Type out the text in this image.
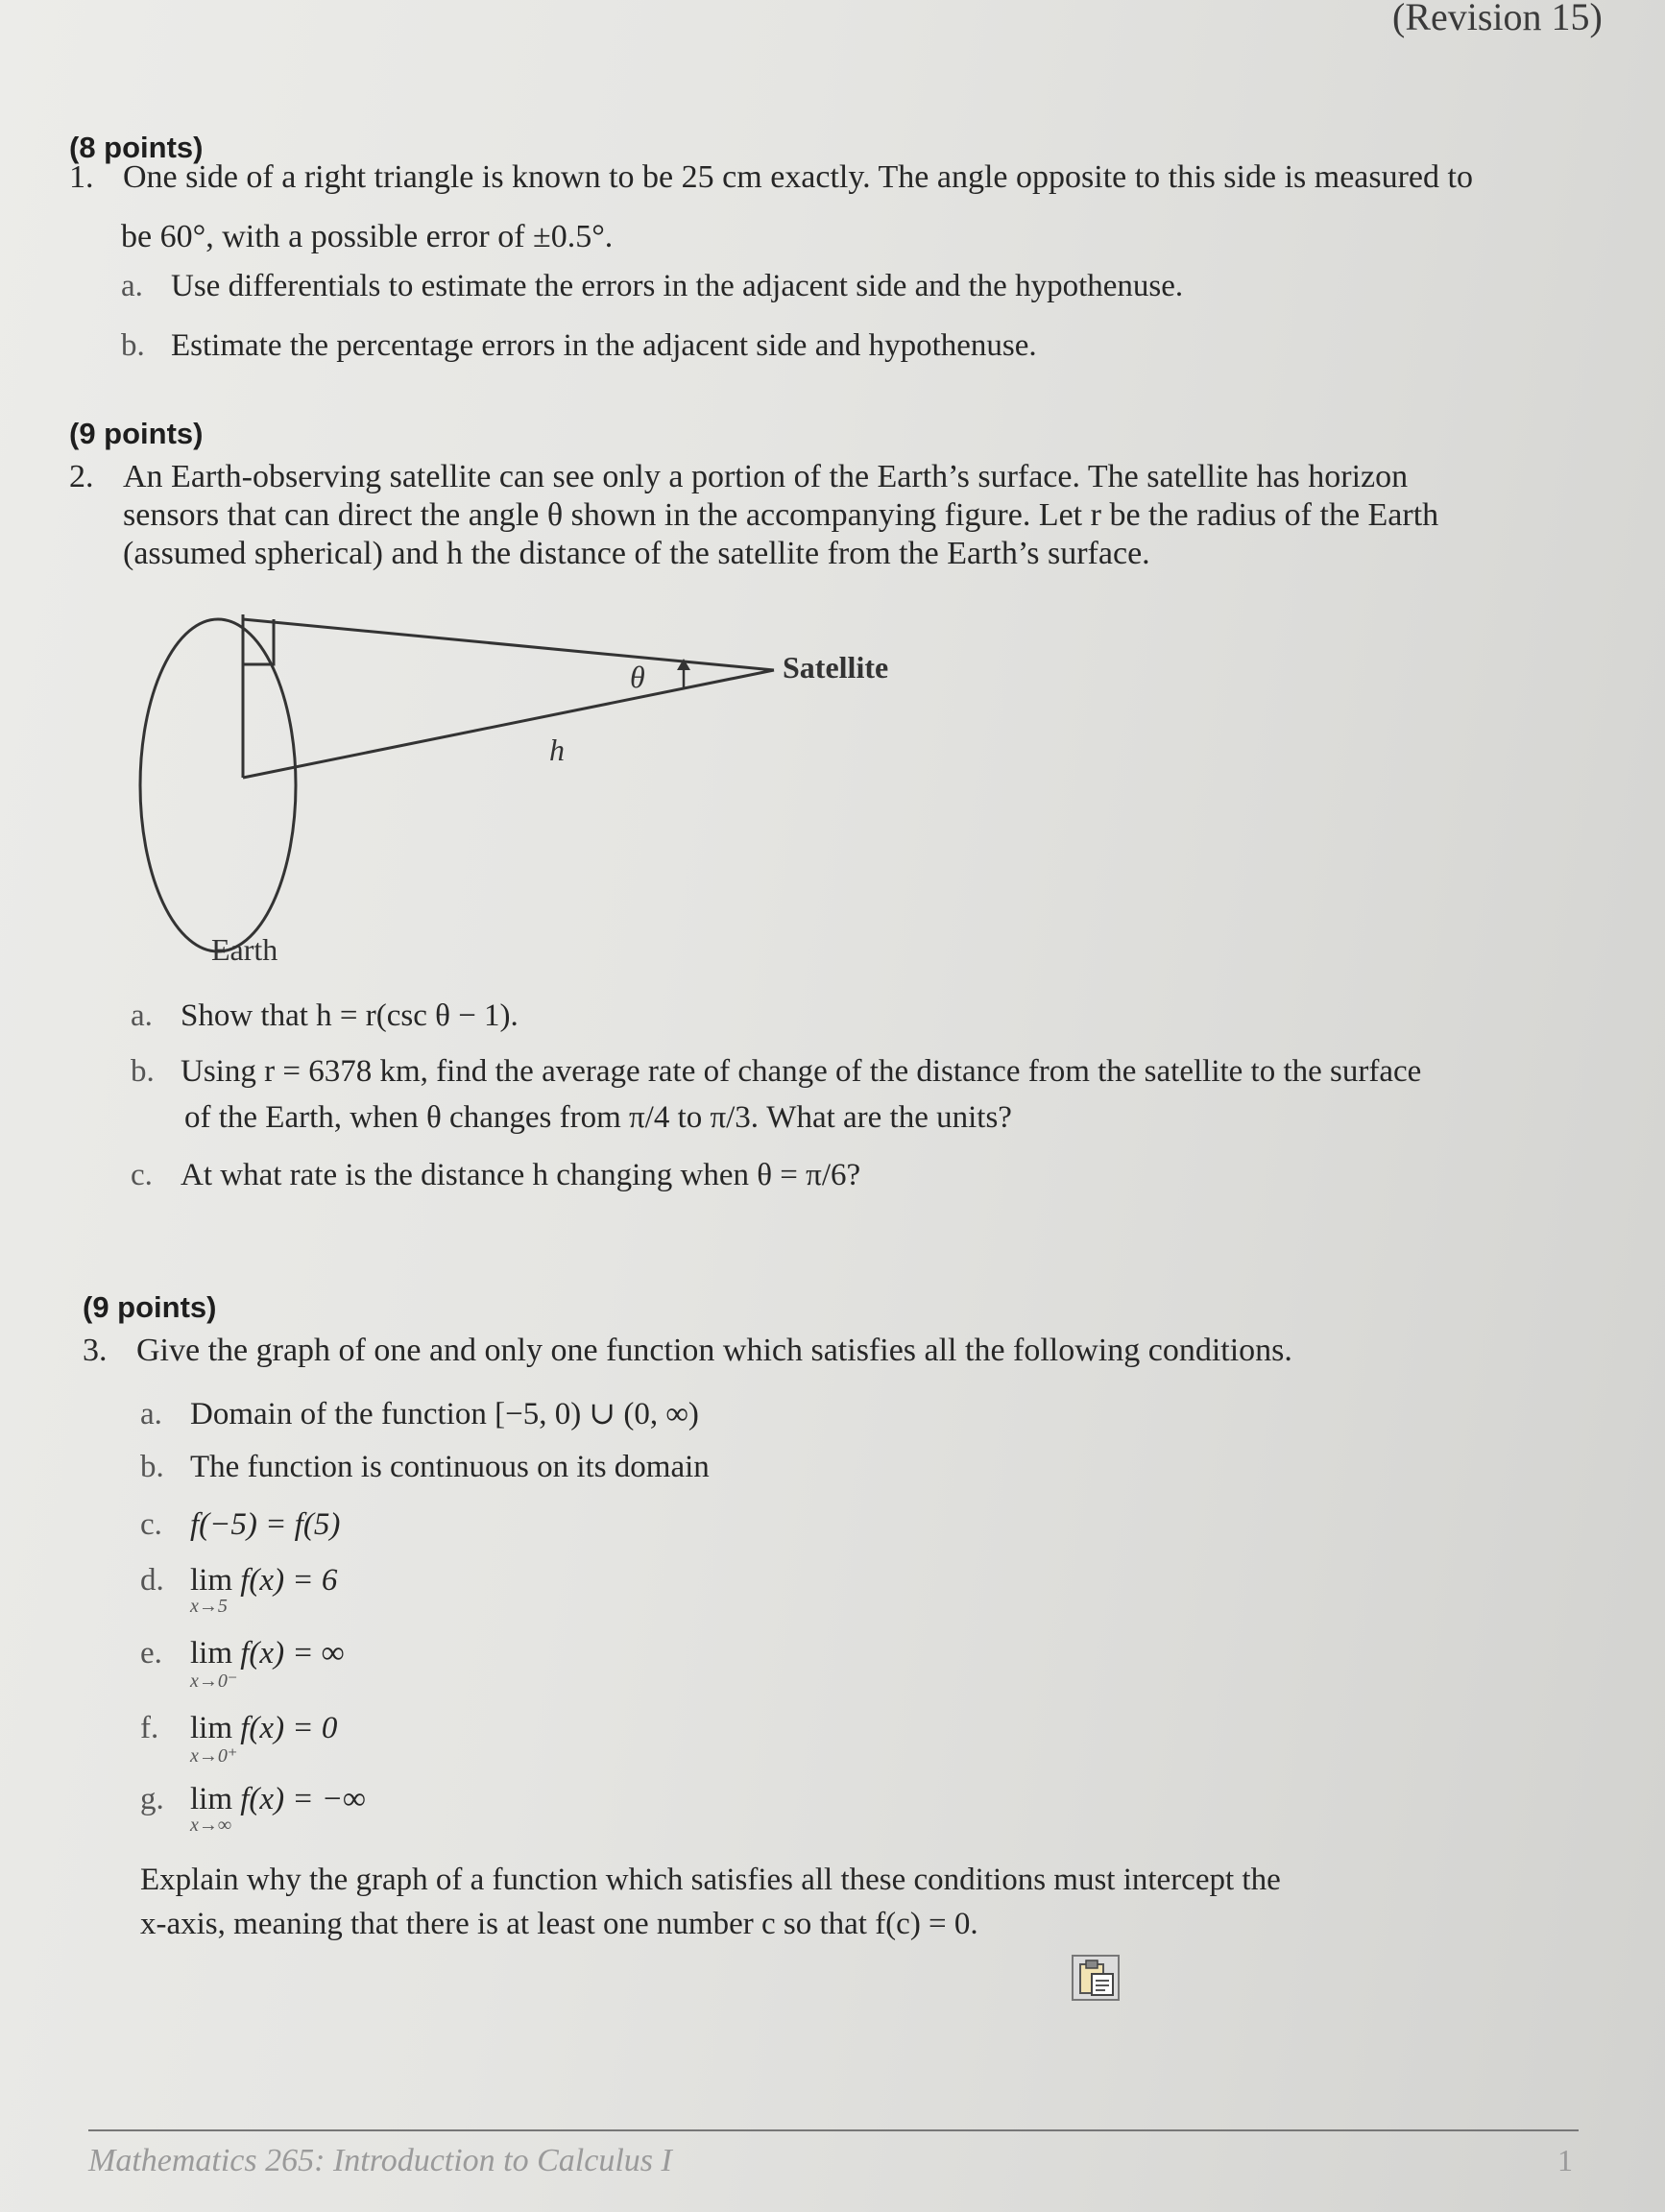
(Revision 15)
(8 points)
1. One side of a right triangle is known to be 25 cm exactly. The angle opposite to this side is measured to
be 60°, with a possible error of ±0.5°.
a. Use differentials to estimate the errors in the adjacent side and the hypothenuse.
b. Estimate the percentage errors in the adjacent side and hypothenuse.
(9 points)
2. An Earth-observing satellite can see only a portion of the Earth’s surface. The satellite has horizon
sensors that can direct the angle θ shown in the accompanying figure. Let r be the radius of the Earth
(assumed spherical) and h the distance of the satellite from the Earth’s surface.
θ
h
Satellite
Earth
a. Show that h = r(csc θ − 1).
b. Using r = 6378 km, find the average rate of change of the distance from the satellite to the surface
of the Earth, when θ changes from π/4 to π/3. What are the units?
c. At what rate is the distance h changing when θ = π/6?
(9 points)
3. Give the graph of one and only one function which satisfies all the following conditions.
a. Domain of the function [−5, 0) ∪ (0, ∞)
b. The function is continuous on its domain
c. f(−5) = f(5)
d. lim
x→5
f(x) = 6
e. lim
x→0⁻
f(x) = ∞
f. lim
x→0⁺
f(x) = 0
g. lim
x→∞
f(x) = −∞
Explain why the graph of a function which satisfies all these conditions must intercept the
x-axis, meaning that there is at least one number c so that f(c) = 0.
Mathematics 265: Introduction to Calculus I	1
